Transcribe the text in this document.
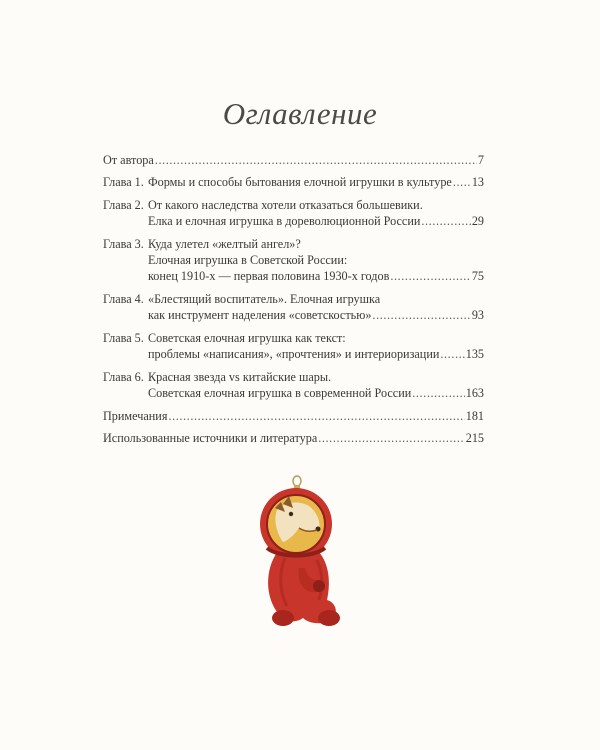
Оглавление
От автора .....	7
Глава 1. Формы и способы бытования елочной игрушки в культуре ..... 13
Глава 2. От какого наследства хотели отказаться большевики.
Елка и елочная игрушка в дореволюционной России .....	29
Глава 3. Куда улетел «желтый ангел»?
Елочная игрушка в Советской России:
конец 1910-х — первая половина 1930-х годов .....	75
Глава 4. «Блестящий воспитатель». Елочная игрушка
как инструмент наделения «советскостью» .....	93
Глава 5. Советская елочная игрушка как текст:
проблемы «написания», «прочтения» и интериоризации ..... 135
Глава 6. Красная звезда vs китайские шары.
Советская елочная игрушка в современной России .....	163
Примечания .....	181
Использованные источники и литература .....	215
